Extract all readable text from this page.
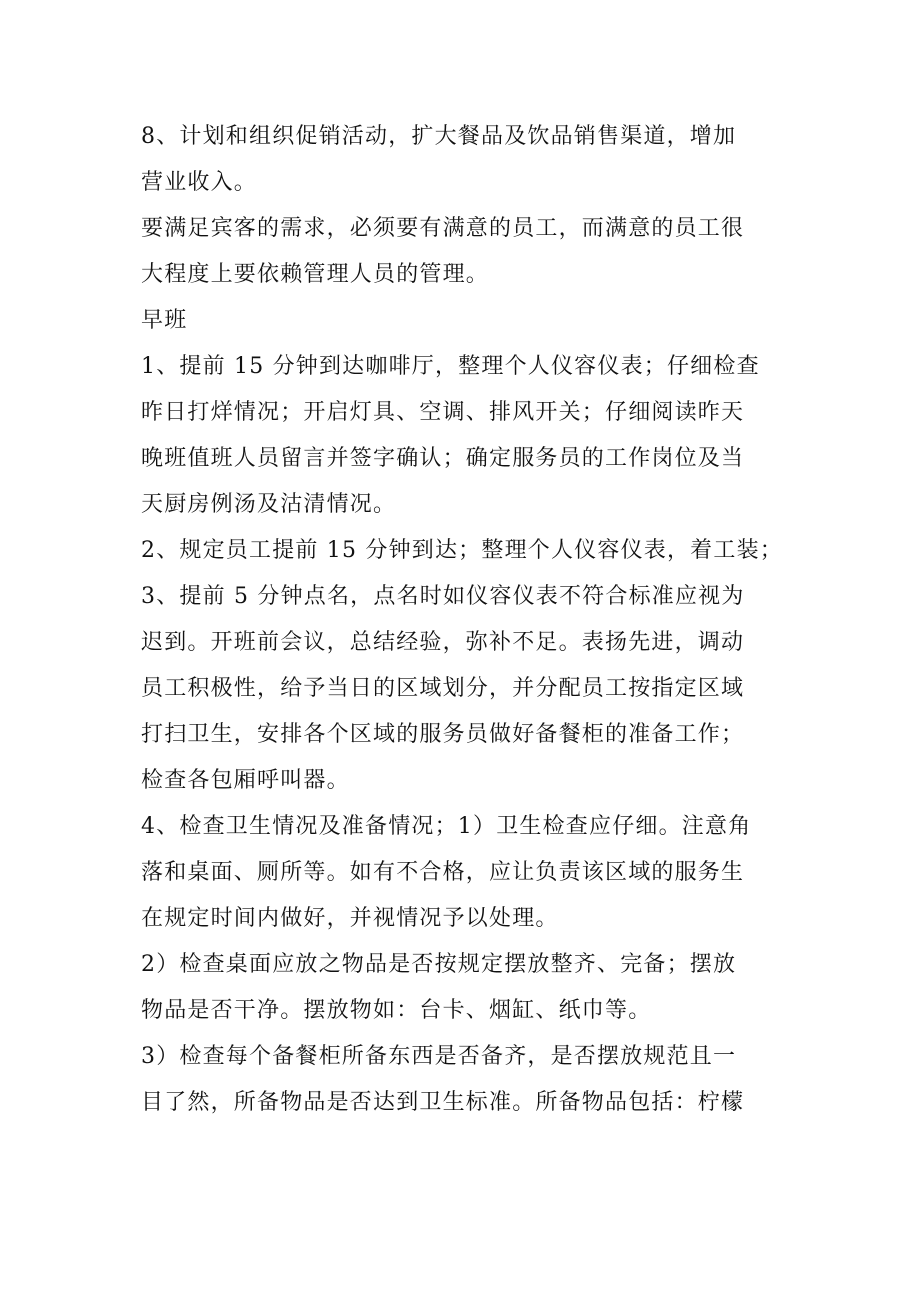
8、计划和组织促销活动，扩大餐品及饮品销售渠道，增加
营业收入。
要满足宾客的需求，必须要有满意的员工，而满意的员工很
大程度上要依赖管理人员的管理。
早班
1、提前 15 分钟到达咖啡厅，整理个人仪容仪表；仔细检查
昨日打烊情况；开启灯具、空调、排风开关；仔细阅读昨天
晚班值班人员留言并签字确认；确定服务员的工作岗位及当
天厨房例汤及沽清情况。
2、规定员工提前 15 分钟到达；整理个人仪容仪表，着工装；
3、提前 5 分钟点名，点名时如仪容仪表不符合标准应视为
迟到。开班前会议，总结经验，弥补不足。表扬先进，调动
员工积极性，给予当日的区域划分，并分配员工按指定区域
打扫卫生，安排各个区域的服务员做好备餐柜的准备工作；
检查各包厢呼叫器。
4、检查卫生情况及准备情况；1）卫生检查应仔细。注意角
落和桌面、厕所等。如有不合格，应让负责该区域的服务生
在规定时间内做好，并视情况予以处理。
2）检查桌面应放之物品是否按规定摆放整齐、完备；摆放
物品是否干净。摆放物如：台卡、烟缸、纸巾等。
3）检查每个备餐柜所备东西是否备齐，是否摆放规范且一
目了然，所备物品是否达到卫生标准。所备物品包括：柠檬
